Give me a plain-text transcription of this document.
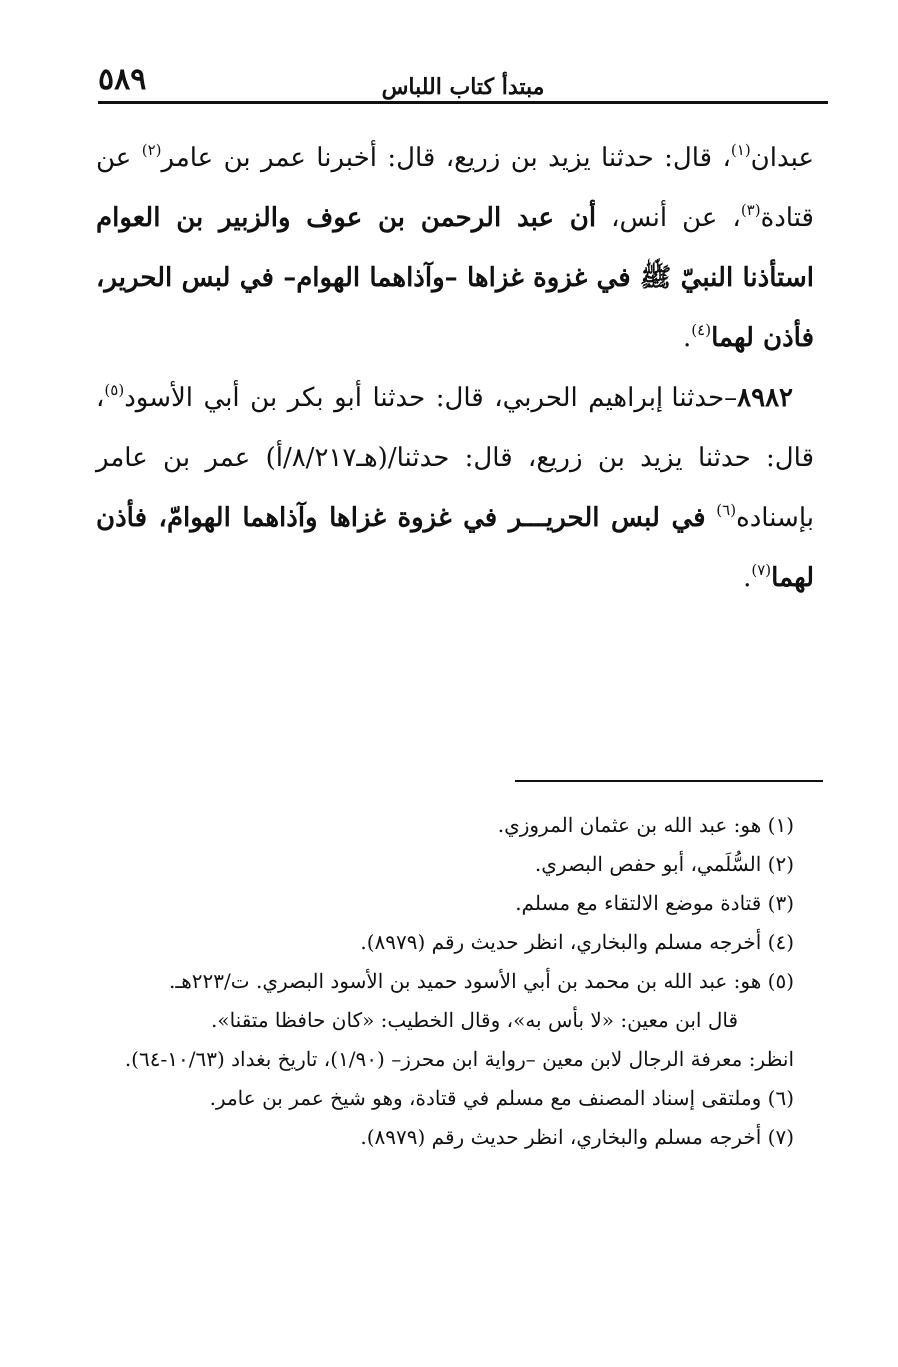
٥٨٩	مبتدأ كتاب اللباس

عبدان$^{(١)}$، قال: حدثنا يزيد بن زريع، قال: أخبرنا عمر بن عامر$^{(٢)}$ عن قتادة$^{(٣)}$، عن أنس، أن عبد الرحمن بن عوف والزبير بن العوام استأذنا النبيّ ﷺ في غزوة غزاها –وآذاهما الهوام– في لبس الحرير، فأذن لهما$^{(٤)}$.

٨٩٨٢–حدثنا إبراهيم الحربي، قال: حدثنا أبو بكر بن أبي الأسود$^{(٥)}$، قال: حدثنا يزيد بن زريع، قال: حدثنا/(هـ٨/٢١٧/أ) عمر بن عامر بإسناده$^{(٦)}$ في لبس الحريـــر في غزوة غزاها وآذاهما الهوامّ، فأذن لهما$^{(٧)}$.

(١) هو: عبد الله بن عثمان المروزي.
(٢) السُّلَمي، أبو حفص البصري.
(٣) قتادة موضع الالتقاء مع مسلم.
(٤) أخرجه مسلم والبخاري، انظر حديث رقم (٨٩٧٩).
(٥) هو: عبد الله بن محمد بن أبي الأسود حميد بن الأسود البصري. ت/٢٢٣هـ.
قال ابن معين: «لا بأس به»، وقال الخطيب: «كان حافظا متقنا».
انظر: معرفة الرجال لابن معين –رواية ابن محرز– (١/٩٠)، تاريخ بغداد (١٠/٦٣-٦٤).
(٦) وملتقى إسناد المصنف مع مسلم في قتادة، وهو شيخ عمر بن عامر.
(٧) أخرجه مسلم والبخاري، انظر حديث رقم (٨٩٧٩).
